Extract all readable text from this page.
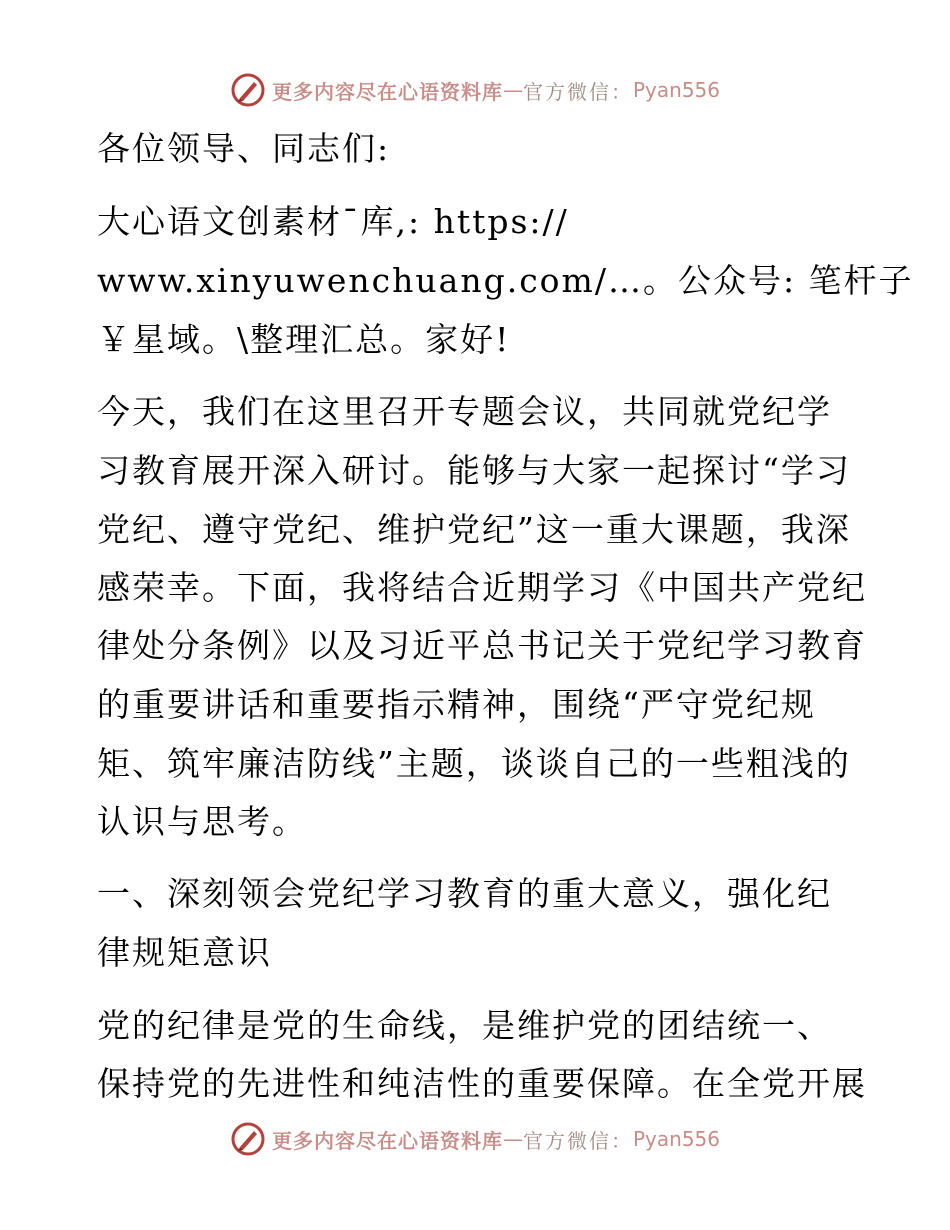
更多内容尽在心语资料库 — 官方微信： Pyan556
各位领导、同志们:
大心语文创素材¯库,: https://
www.xinyuwenchuang.com/…。公众号: 笔杆子
￥星域。\整理汇总。家好!
今天，我们在这里召开专题会议，共同就党纪学
习教育展开深入研讨。能够与大家一起探讨“学习
党纪、遵守党纪、维护党纪”这一重大课题，我深
感荣幸。下面，我将结合近期学习《中国共产党纪
律处分条例》以及习近平总书记关于党纪学习教育
的重要讲话和重要指示精神，围绕“严守党纪规
矩、筑牢廉洁防线”主题，谈谈自己的一些粗浅的
认识与思考。
一、深刻领会党纪学习教育的重大意义，强化纪
律规矩意识
党的纪律是党的生命线，是维护党的团结统一、
保持党的先进性和纯洁性的重要保障。在全党开展
更多内容尽在心语资料库 — 官方微信： Pyan556
